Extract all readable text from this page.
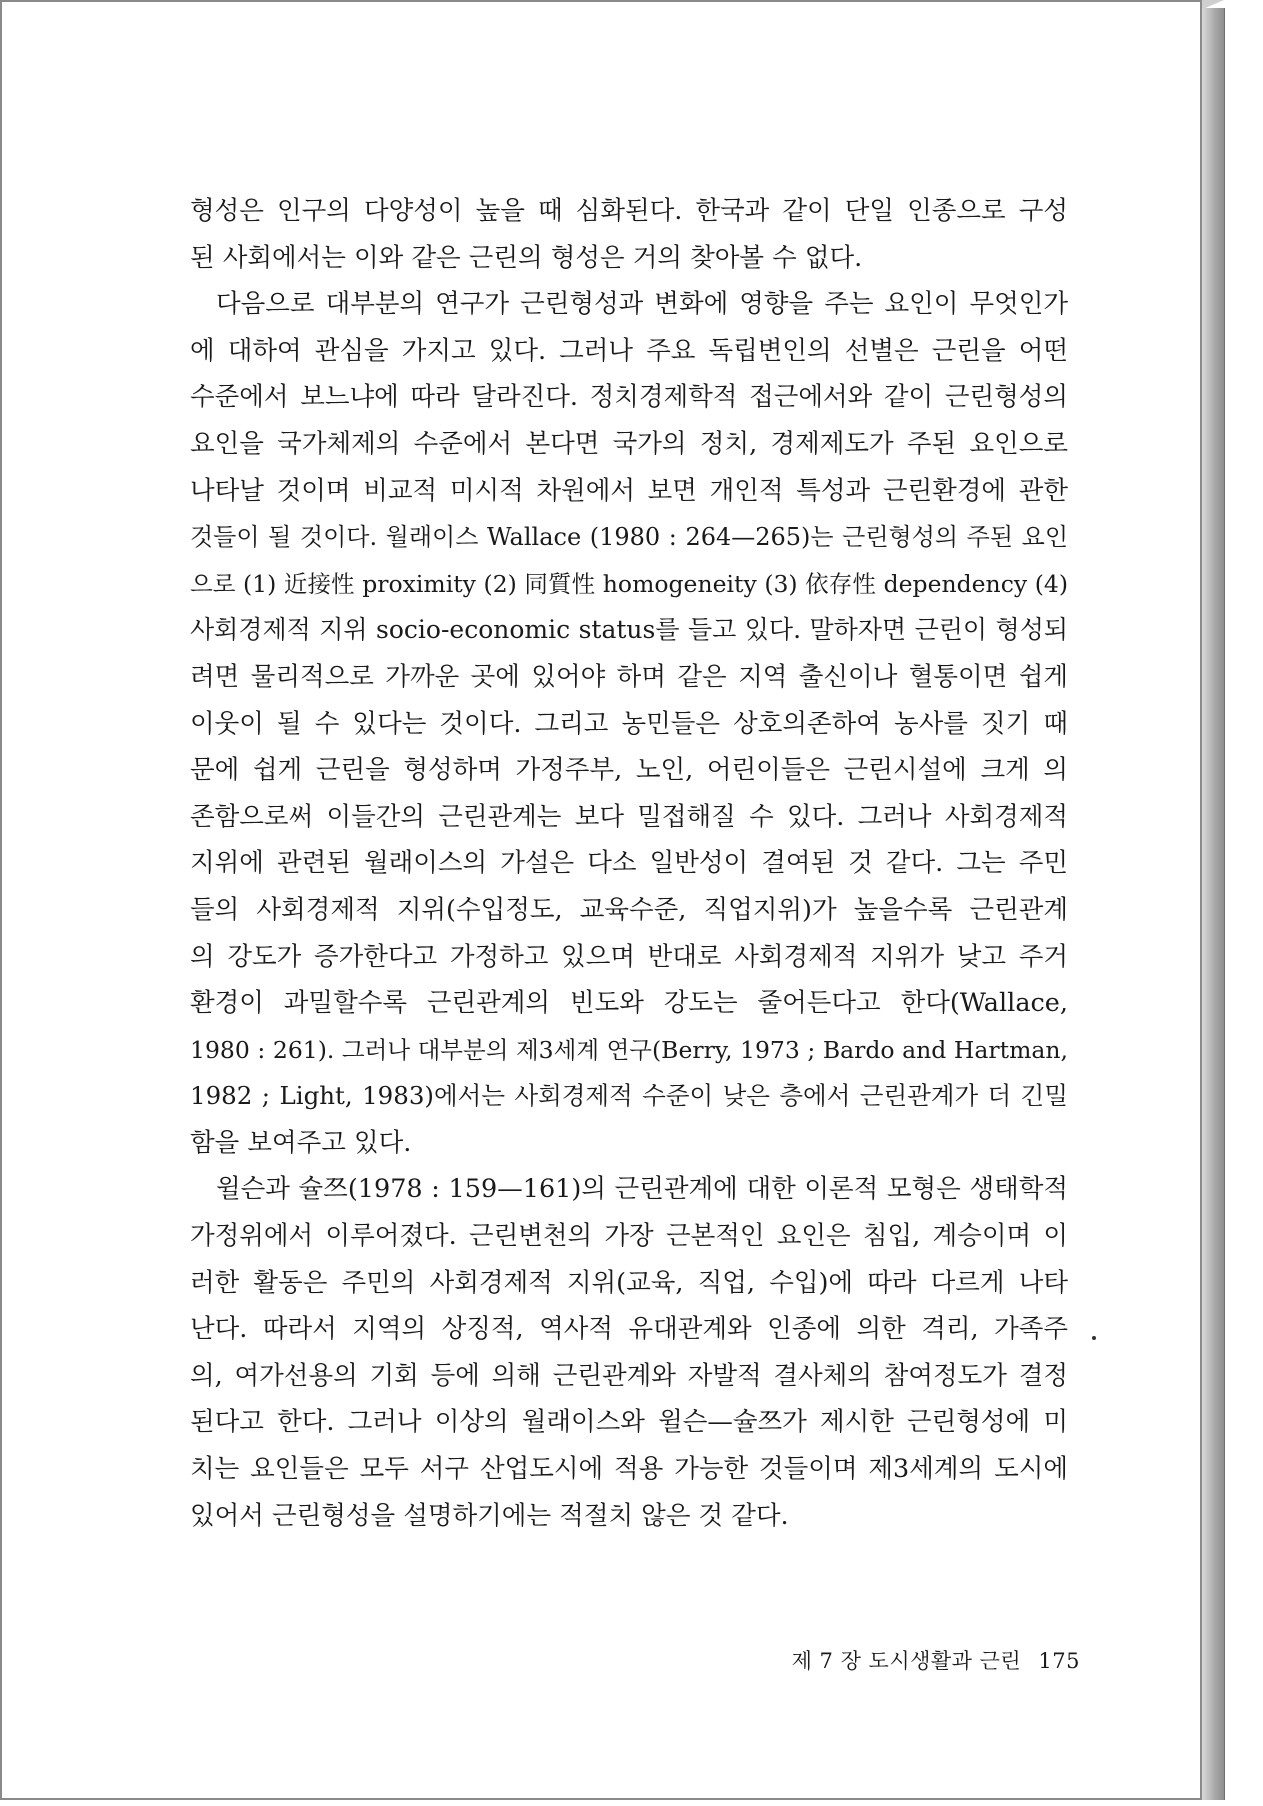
형성은 인구의 다양성이 높을 때 심화된다. 한국과 같이 단일 인종으로 구성
된 사회에서는 이와 같은 근린의 형성은 거의 찾아볼 수 없다.
다음으로 대부분의 연구가 근린형성과 변화에 영향을 주는 요인이 무엇인가
에 대하여 관심을 가지고 있다. 그러나 주요 독립변인의 선별은 근린을 어떤
수준에서 보느냐에 따라 달라진다. 정치경제학적 접근에서와 같이 근린형성의
요인을 국가체제의 수준에서 본다면 국가의 정치, 경제제도가 주된 요인으로
나타날 것이며 비교적 미시적 차원에서 보면 개인적 특성과 근린환경에 관한
것들이 될 것이다. 월래이스 Wallace (1980 : 264—265)는 근린형성의 주된 요인
으로 (1) 近接性 proximity (2) 同質性 homogeneity (3) 依存性 dependency (4)
사회경제적 지위 socio-economic status를 들고 있다. 말하자면 근린이 형성되
려면 물리적으로 가까운 곳에 있어야 하며 같은 지역 출신이나 혈통이면 쉽게
이웃이 될 수 있다는 것이다. 그리고 농민들은 상호의존하여 농사를 짓기 때
문에 쉽게 근린을 형성하며 가정주부, 노인, 어린이들은 근린시설에 크게 의
존함으로써 이들간의 근린관계는 보다 밀접해질 수 있다. 그러나 사회경제적
지위에 관련된 월래이스의 가설은 다소 일반성이 결여된 것 같다. 그는 주민
들의 사회경제적 지위(수입정도, 교육수준, 직업지위)가 높을수록 근린관계
의 강도가 증가한다고 가정하고 있으며 반대로 사회경제적 지위가 낮고 주거
환경이 과밀할수록 근린관계의 빈도와 강도는 줄어든다고 한다(Wallace,
1980 : 261). 그러나 대부분의 제3세계 연구(Berry, 1973 ; Bardo and Hartman,
1982 ; Light, 1983)에서는 사회경제적 수준이 낮은 층에서 근린관계가 더 긴밀
함을 보여주고 있다.
윌슨과 슐쯔(1978 : 159—161)의 근린관계에 대한 이론적 모형은 생태학적
가정위에서 이루어졌다. 근린변천의 가장 근본적인 요인은 침입, 계승이며 이
러한 활동은 주민의 사회경제적 지위(교육, 직업, 수입)에 따라 다르게 나타
난다. 따라서 지역의 상징적, 역사적 유대관계와 인종에 의한 격리, 가족주
의, 여가선용의 기회 등에 의해 근린관계와 자발적 결사체의 참여정도가 결정
된다고 한다. 그러나 이상의 월래이스와 윌슨—슐쯔가 제시한 근린형성에 미
치는 요인들은 모두 서구 산업도시에 적용 가능한 것들이며 제3세계의 도시에
있어서 근린형성을 설명하기에는 적절치 않은 것 같다.
제 7 장 도시생활과 근린 175
